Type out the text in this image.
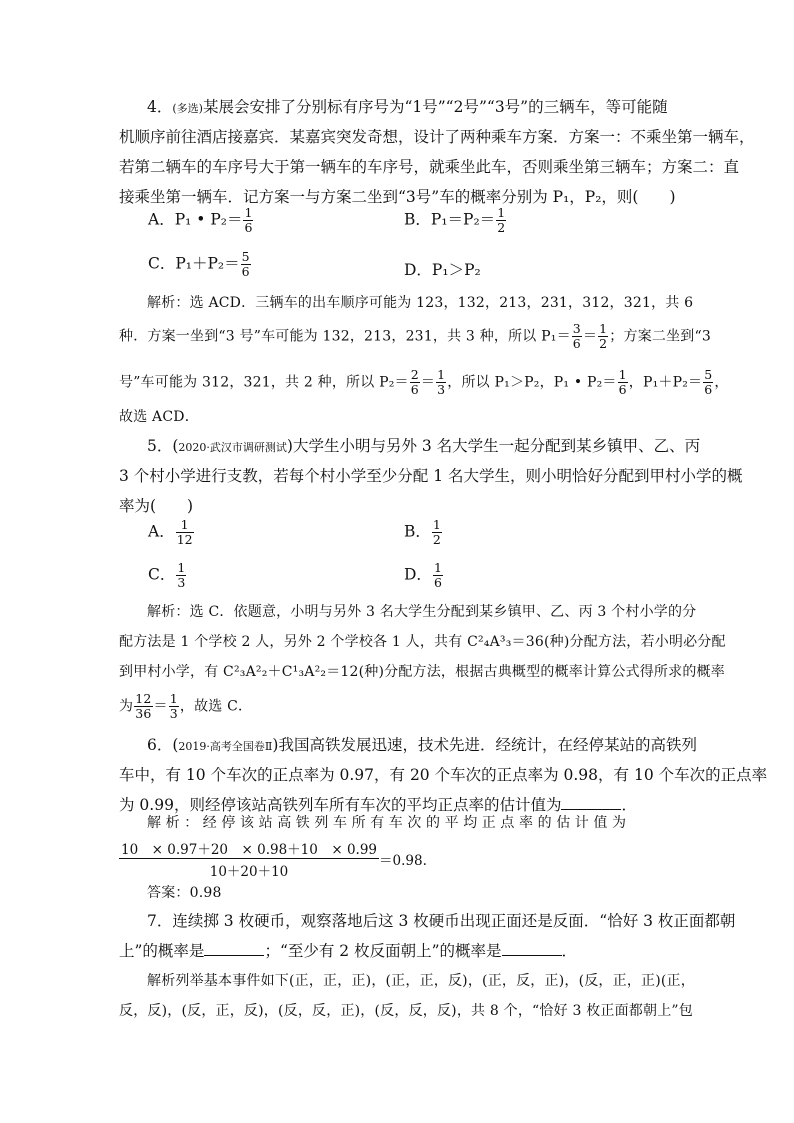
4．(多选)某展会安排了分别标有序号为“1号”“2号”“3号”的三辆车，等可能随
机顺序前往酒店接嘉宾．某嘉宾突发奇想，设计了两种乘车方案．方案一：不乘坐第一辆车，
若第二辆车的车序号大于第一辆车的车序号，就乘坐此车，否则乘坐第三辆车；方案二：直
接乘坐第一辆车．记方案一与方案二坐到“3号”车的概率分别为 P₁，P₂，则(　　)
A．P₁ • $P_2= \frac{1}{6}$	B．$P_1=P_2= \frac{1}{2}$
C．$P_1+P_2= \frac{5}{6}$	D．P₁＞P₂
解析：选 ACD．三辆车的出车顺序可能为 123，132，213，231，312，321，共 6
种．方案一坐到“3 号”车可能为 132，213，231，共 3 种，所以 $P_1= \frac{3}{6} = \frac{1}{2}$ ；方案二坐到“3
号”车可能为 312，321，共 2 种，所以 $P_2= \frac{2}{6} = \frac{1}{3}$ ，所以 P₁＞P₂，P₁ • $P_2= \frac{1}{6}$ ，$P_1+P_2= \frac{5}{6}$ ，
故选 ACD．
5．(2020·武汉市调研测试)大学生小明与另外 3 名大学生一起分配到某乡镇甲、乙、丙
3 个村小学进行支教，若每个村小学至少分配 1 名大学生，则小明恰好分配到甲村小学的概
率为(　　)
A． $\frac{1}{12}$	B． $\frac{1}{2}$
C． $\frac{1}{3}$	D． $\frac{1}{6}$
解析：选 C．依题意，小明与另外 3 名大学生分配到某乡镇甲、乙、丙 3 个村小学的分
配方法是 1 个学校 2 人，另外 2 个学校各 1 人，共有 C²₄A³₃＝36(种)分配方法，若小明必分配
到甲村小学，有 C²₃A²₂＋C¹₃A²₂＝12(种)分配方法，根据古典概型的概率计算公式得所求的概率
为 $\frac{12}{36} = \frac{1}{3}$ ，故选 C．
6．(2019·高考全国卷Ⅱ)我国高铁发展迅速，技术先进．经统计，在经停某站的高铁列
车中，有 10 个车次的正点率为 0.97，有 20 个车次的正点率为 0.98，有 10 个车次的正点率
为 0.99，则经停该站高铁列车所有车次的平均正点率的估计值为	．
解析：经停该站高铁列车所有车次的平均正点率的估计值为
$\frac{10 \times 0.97+20 \times 0.98+10 \times 0.99}{10+20+10} =0.98$.
答案：0.98
7．连续掷 3 枚硬币，观察落地后这 3 枚硬币出现正面还是反面．“恰好 3 枚正面都朝
上”的概率是	；“至少有 2 枚反面朝上”的概率是	．
解析列举基本事件如下(正，正，正)，(正，正，反)，(正，反，正)，(反，正，正)(正，
反，反)，(反，正，反)，(反，反，正)，(反，反，反)，共 8 个，“恰好 3 枚正面都朝上”包
